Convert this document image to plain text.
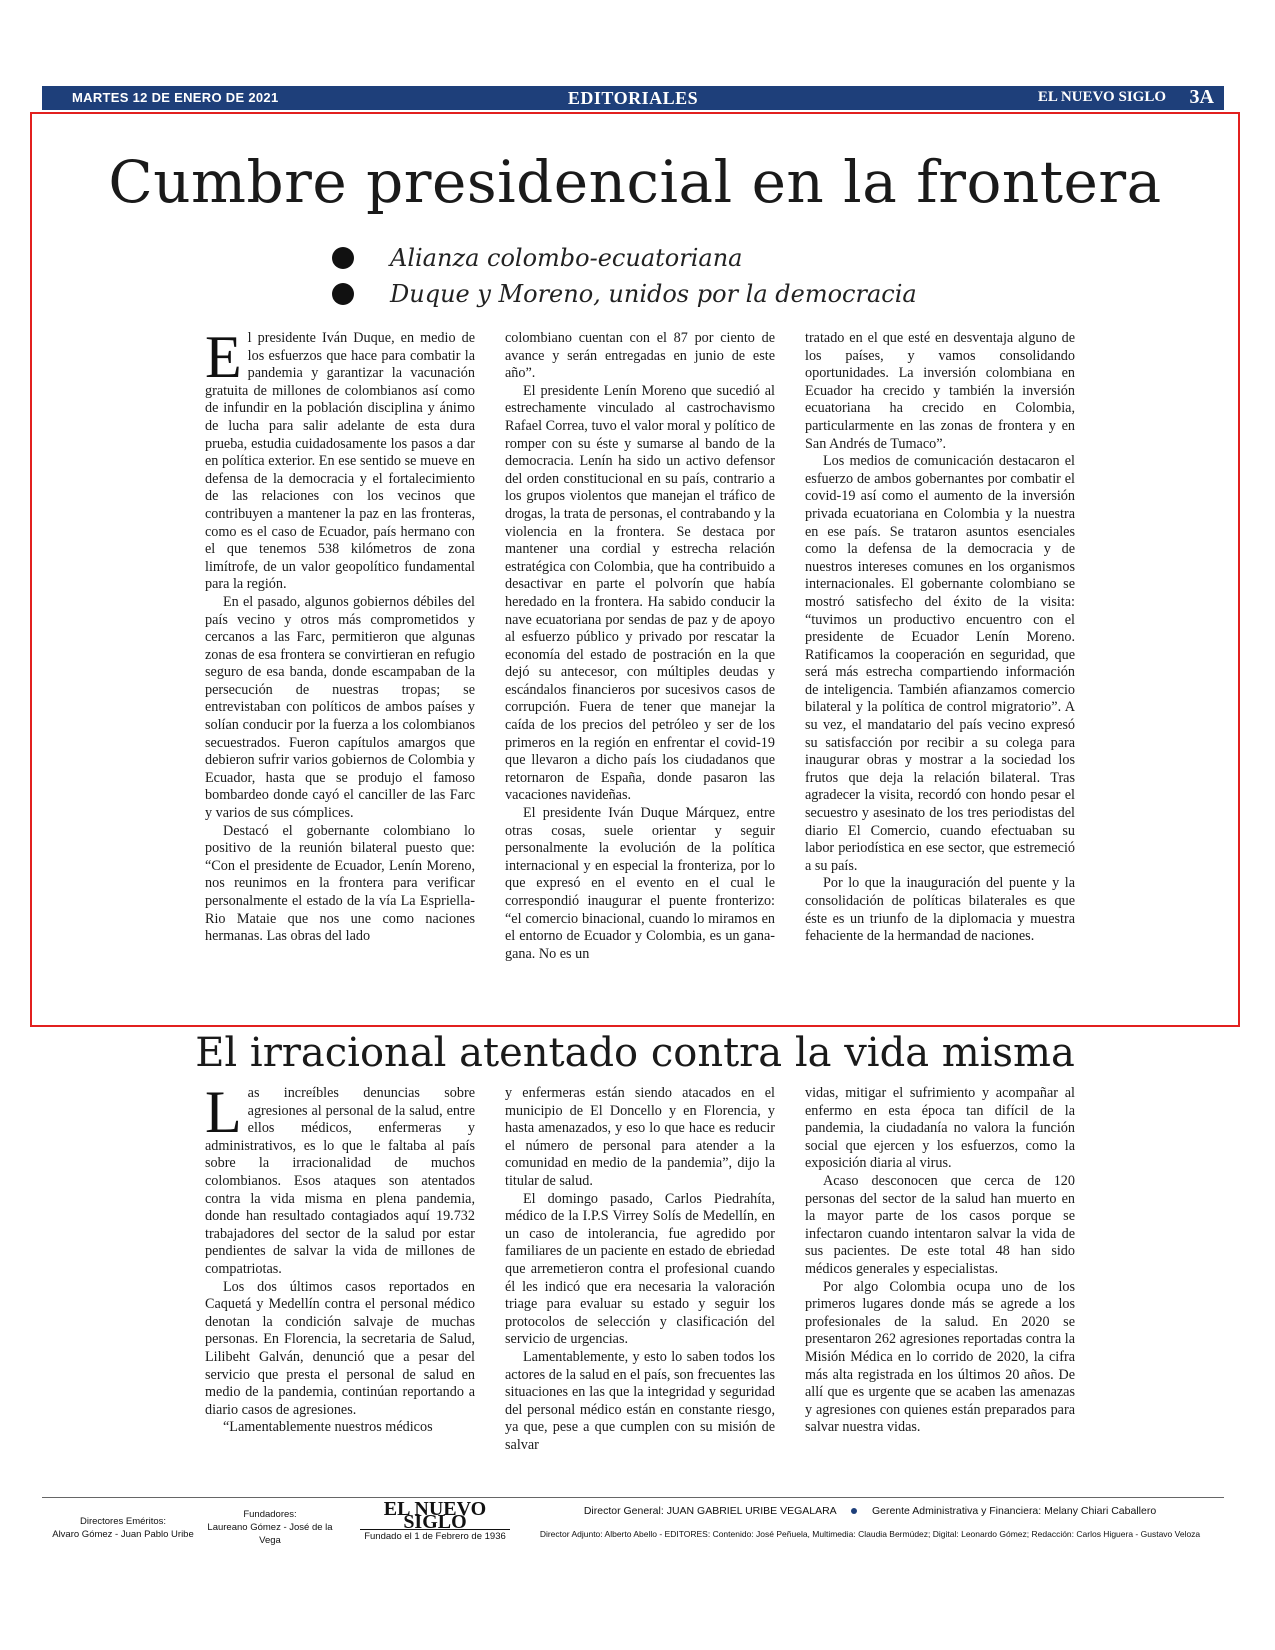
MARTES 12 DE ENERO DE 2021	EDITORIALES	EL NUEVO SIGLO 3A
Cumbre presidencial en la frontera
Alianza colombo-ecuatoriana
Duque y Moreno, unidos por la democracia

El presidente Iván Duque, en medio de los esfuerzos que hace para combatir la pandemia y garantizar la vacunación gratuita de millones de colombianos así como de infundir en la población disciplina y ánimo de lucha para salir adelante de esta dura prueba, estudia cuidadosamente los pasos a dar en política exterior. En ese sentido se mueve en defensa de la democracia y el fortalecimiento de las relaciones con los vecinos que contribuyen a mantener la paz en las fronteras, como es el caso de Ecuador, país hermano con el que tenemos 538 kilómetros de zona limítrofe, de un valor geopolítico fundamental para la región.

En el pasado, algunos gobiernos débiles del país vecino y otros más comprometidos y cercanos a las Farc, permitieron que algunas zonas de esa frontera se convirtieran en refugio seguro de esa banda, donde escampaban de la persecución de nuestras tropas; se entrevistaban con políticos de ambos países y solían conducir por la fuerza a los colombianos secuestrados. Fueron capítulos amargos que debieron sufrir varios gobiernos de Colombia y Ecuador, hasta que se produjo el famoso bombardeo donde cayó el canciller de las Farc y varios de sus cómplices.

Destacó el gobernante colombiano lo positivo de la reunión bilateral puesto que: “Con el presidente de Ecuador, Lenín Moreno, nos reunimos en la frontera para verificar personalmente el estado de la vía La Espriella-Rio Mataie que nos une como naciones hermanas. Las obras del lado

colombiano cuentan con el 87 por ciento de avance y serán entregadas en junio de este año”.

El presidente Lenín Moreno que sucedió al estrechamente vinculado al castrochavismo Rafael Correa, tuvo el valor moral y político de romper con su éste y sumarse al bando de la democracia. Lenín ha sido un activo defensor del orden constitucional en su país, contrario a los grupos violentos que manejan el tráfico de drogas, la trata de personas, el contrabando y la violencia en la frontera. Se destaca por mantener una cordial y estrecha relación estratégica con Colombia, que ha contribuido a desactivar en parte el polvorín que había heredado en la frontera. Ha sabido conducir la nave ecuatoriana por sendas de paz y de apoyo al esfuerzo público y privado por rescatar la economía del estado de postración en la que dejó su antecesor, con múltiples deudas y escándalos financieros por sucesivos casos de corrupción. Fuera de tener que manejar la caída de los precios del petróleo y ser de los primeros en la región en enfrentar el covid-19 que llevaron a dicho país los ciudadanos que retornaron de España, donde pasaron las vacaciones navideñas.

El presidente Iván Duque Márquez, entre otras cosas, suele orientar y seguir personalmente la evolución de la política internacional y en especial la fronteriza, por lo que expresó en el evento en el cual le correspondió inaugurar el puente fronterizo: “el comercio binacional, cuando lo miramos en el entorno de Ecuador y Colombia, es un gana-gana. No es un

tratado en el que esté en desventaja alguno de los países, y vamos consolidando oportunidades. La inversión colombiana en Ecuador ha crecido y también la inversión ecuatoriana ha crecido en Colombia, particularmente en las zonas de frontera y en San Andrés de Tumaco”.

Los medios de comunicación destacaron el esfuerzo de ambos gobernantes por combatir el covid-19 así como el aumento de la inversión privada ecuatoriana en Colombia y la nuestra en ese país. Se trataron asuntos esenciales como la defensa de la democracia y de nuestros intereses comunes en los organismos internacionales. El gobernante colombiano se mostró satisfecho del éxito de la visita: “tuvimos un productivo encuentro con el presidente de Ecuador Lenín Moreno. Ratificamos la cooperación en seguridad, que será más estrecha compartiendo información de inteligencia. También afianzamos comercio bilateral y la política de control migratorio”. A su vez, el mandatario del país vecino expresó su satisfacción por recibir a su colega para inaugurar obras y mostrar a la sociedad los frutos que deja la relación bilateral. Tras agradecer la visita, recordó con hondo pesar el secuestro y asesinato de los tres periodistas del diario El Comercio, cuando efectuaban su labor periodística en ese sector, que estremeció a su país.

Por lo que la inauguración del puente y la consolidación de políticas bilaterales es que éste es un triunfo de la diplomacia y muestra fehaciente de la hermandad de naciones.

El irracional atentado contra la vida misma

Las increíbles denuncias sobre agresiones al personal de la salud, entre ellos médicos, enfermeras y administrativos, es lo que le faltaba al país sobre la irracionalidad de muchos colombianos. Esos ataques son atentados contra la vida misma en plena pandemia, donde han resultado contagiados aquí 19.732 trabajadores del sector de la salud por estar pendientes de salvar la vida de millones de compatriotas.

Los dos últimos casos reportados en Caquetá y Medellín contra el personal médico denotan la condición salvaje de muchas personas. En Florencia, la secretaria de Salud, Lilibeht Galván, denunció que a pesar del servicio que presta el personal de salud en medio de la pandemia, continúan reportando a diario casos de agresiones.

“Lamentablemente nuestros médicos

y enfermeras están siendo atacados en el municipio de El Doncello y en Florencia, y hasta amenazados, y eso lo que hace es reducir el número de personal para atender a la comunidad en medio de la pandemia”, dijo la titular de salud.

El domingo pasado, Carlos Piedrahíta, médico de la I.P.S Virrey Solís de Medellín, en un caso de intolerancia, fue agredido por familiares de un paciente en estado de ebriedad que arremetieron contra el profesional cuando él les indicó que era necesaria la valoración triage para evaluar su estado y seguir los protocolos de selección y clasificación del servicio de urgencias.

Lamentablemente, y esto lo saben todos los actores de la salud en el país, son frecuentes las situaciones en las que la integridad y seguridad del personal médico están en constante riesgo, ya que, pese a que cumplen con su misión de salvar

vidas, mitigar el sufrimiento y acompañar al enfermo en esta época tan difícil de la pandemia, la ciudadanía no valora la función social que ejercen y los esfuerzos, como la exposición diaria al virus.

Acaso desconocen que cerca de 120 personas del sector de la salud han muerto en la mayor parte de los casos porque se infectaron cuando intentaron salvar la vida de sus pacientes. De este total 48 han sido médicos generales y especialistas.

Por algo Colombia ocupa uno de los primeros lugares donde más se agrede a los profesionales de la salud. En 2020 se presentaron 262 agresiones reportadas contra la Misión Médica en lo corrido de 2020, la cifra más alta registrada en los últimos 20 años. De allí que es urgente que se acaben las amenazas y agresiones con quienes están preparados para salvar nuestra vidas.

Directores Eméritos:
Alvaro Gómez - Juan Pablo Uribe
Fundadores:
Laureano Gómez - José de la Vega
EL NUEVO SIGLO
Fundado el 1 de Febrero de 1936
Director General: JUAN GABRIEL URIBE VEGALARA	Gerente Administrativa y Financiera: Melany Chiari Caballero
Director Adjunto: Alberto Abello - EDITORES: Contenido: José Peñuela, Multimedia: Claudia Bermúdez; Digital: Leonardo Gómez; Redacción: Carlos Higuera - Gustavo Veloza
